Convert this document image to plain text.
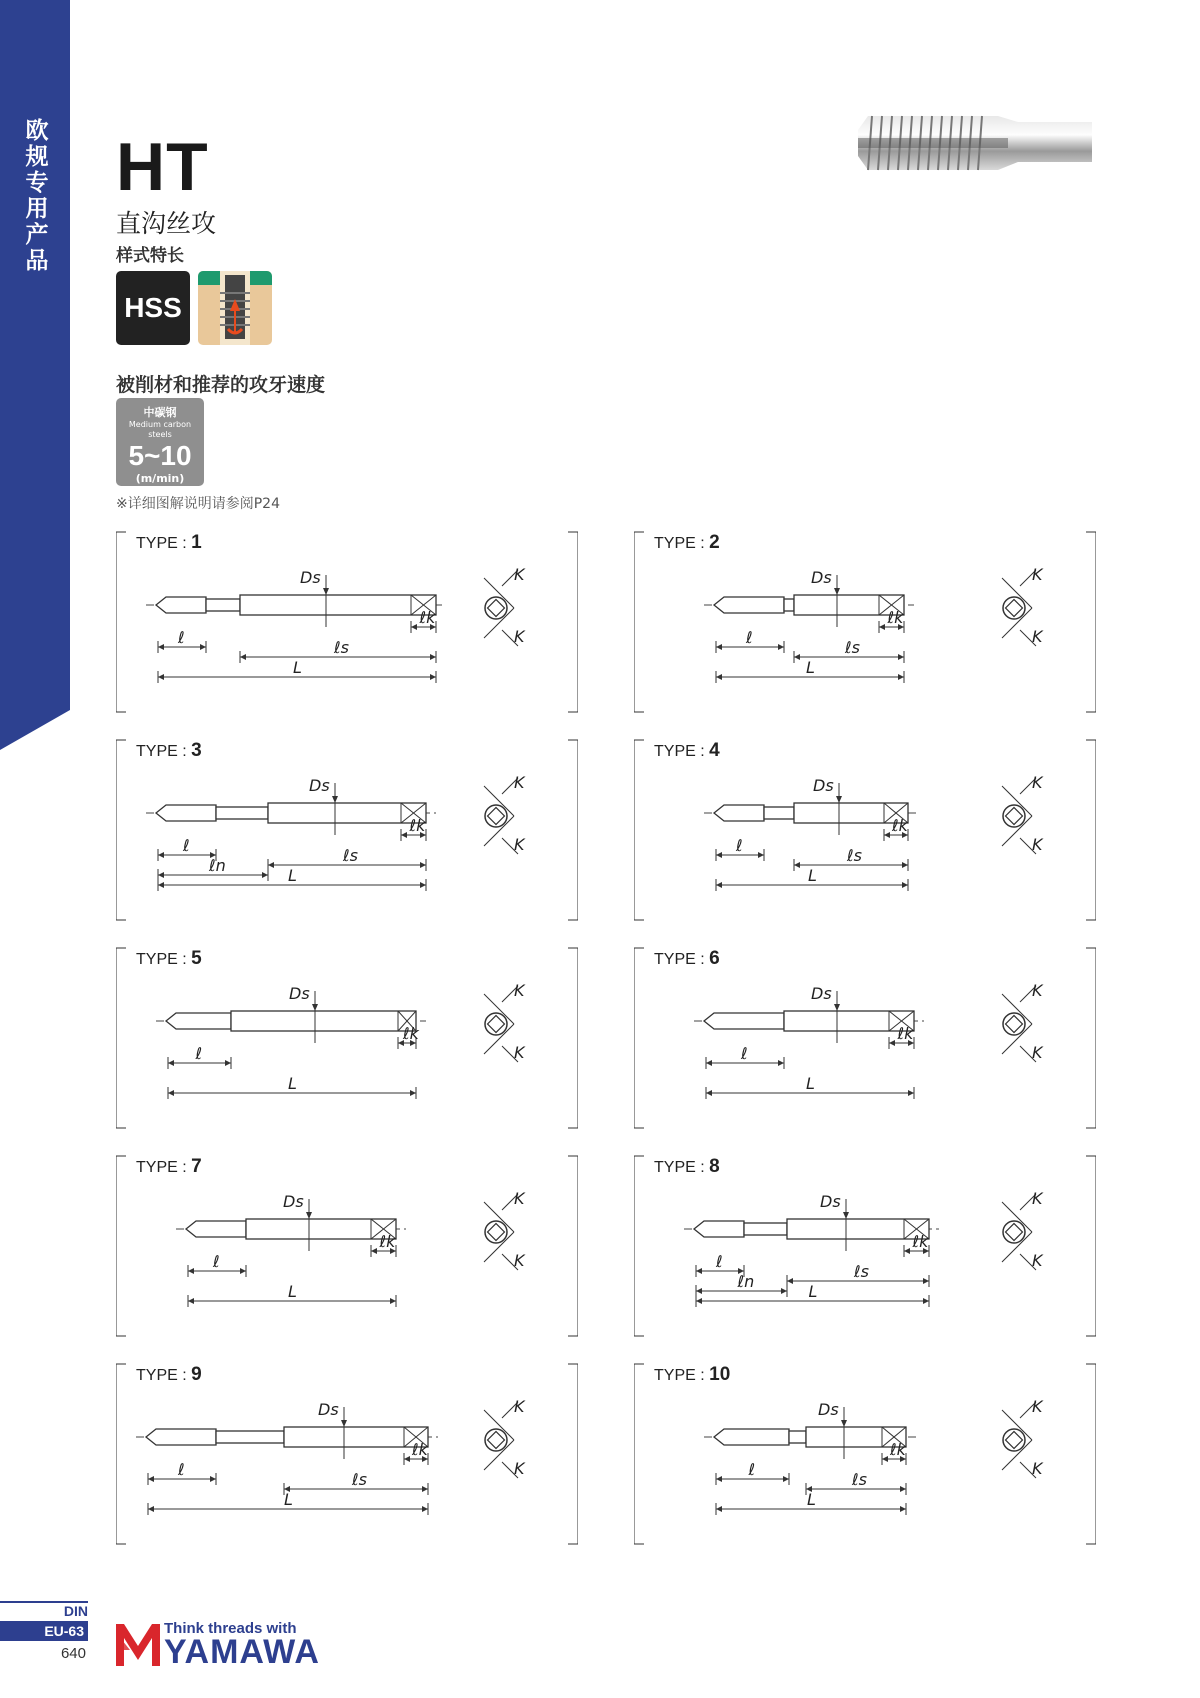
欧规专用产品
HT
直沟丝攻
样式特长
HSS
被削材和推荐的攻牙速度
中碳钢
Medium carbon steels
5~10
(m/min)
※详细图解说明请参阅P24
TYPE : 1
Ds
ℓ
ℓs
ℓk
L
K
K
TYPE : 2
Ds
ℓ
ℓs
ℓk
L
K
K
TYPE : 3
Ds
ℓ
ℓn
ℓs
ℓk
L
K
K
TYPE : 4
Ds
ℓ
ℓs
ℓk
L
K
K
TYPE : 5
Ds
ℓ
ℓk
L
K
K
TYPE : 6
Ds
ℓ
ℓk
L
K
K
TYPE : 7
Ds
ℓ
ℓk
L
K
K
TYPE : 8
Ds
ℓ
ℓn
ℓs
ℓk
L
K
K
TYPE : 9
Ds
ℓ
ℓs
ℓk
L
K
K
TYPE : 10
Ds
ℓ
ℓs
ℓk
L
K
K
DIN
EU-63
640
Think threads with
YAMAWA
